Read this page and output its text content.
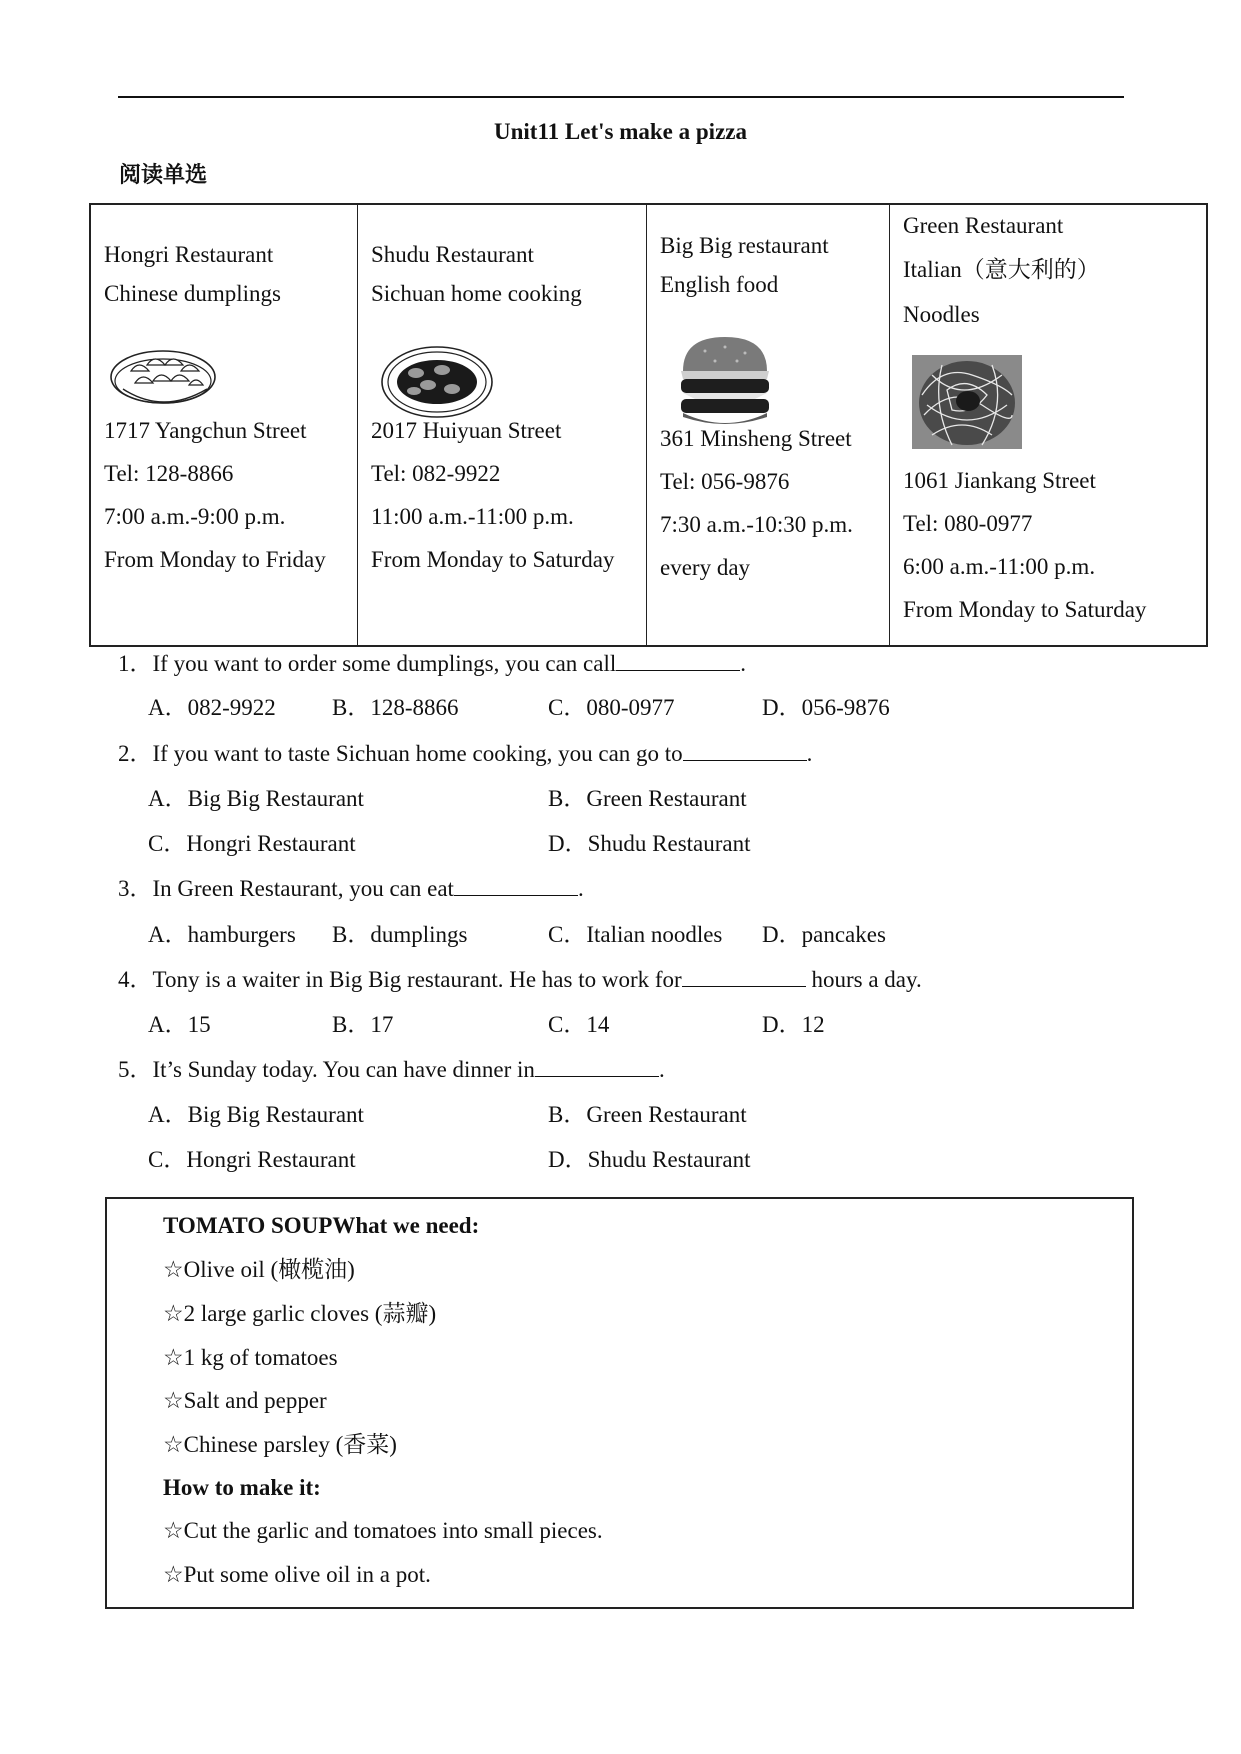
Unit11 Let's make a pizza
阅读单选
Hongri Restaurant
Chinese dumplings
1717 Yangchun Street
Tel: 128-8866
7:00 a.m.-9:00 p.m.
From Monday to Friday
Shudu Restaurant
Sichuan home cooking
2017 Huiyuan Street
Tel: 082-9922
11:00 a.m.-11:00 p.m.
From Monday to Saturday
Big Big restaurant
English food
361 Minsheng Street
Tel: 056-9876
7:30 a.m.-10:30 p.m.
every day
Green Restaurant
Italian（意大利的）
Noodles
1061 Jiankang Street
Tel: 080-0977
6:00 a.m.-11:00 p.m.
From Monday to Saturday
1．If you want to order some dumplings, you can call	.
A．082-9922 B．128-8866	C．080-0977	D．056-9876
2．If you want to taste Sichuan home cooking, you can go to	.
A．Big Big Restaurant	B．Green Restaurant
C．Hongri Restaurant	D．Shudu Restaurant
3．In Green Restaurant, you can eat	.
A．hamburgers B．dumplings	C．Italian noodles D．pancakes
4．Tony is a waiter in Big Big restaurant. He has to work for	hours a day.
A．15	B．17	C．14	D．12
5．It’s Sunday today. You can have dinner in	.
A．Big Big Restaurant	B．Green Restaurant
C．Hongri Restaurant	D．Shudu Restaurant
TOMATO SOUPWhat we need:
☆Olive oil (橄榄油)
☆2 large garlic cloves (蒜瓣)
☆1 kg of tomatoes
☆Salt and pepper
☆Chinese parsley (香菜)
How to make it:
☆Cut the garlic and tomatoes into small pieces.
☆Put some olive oil in a pot.
